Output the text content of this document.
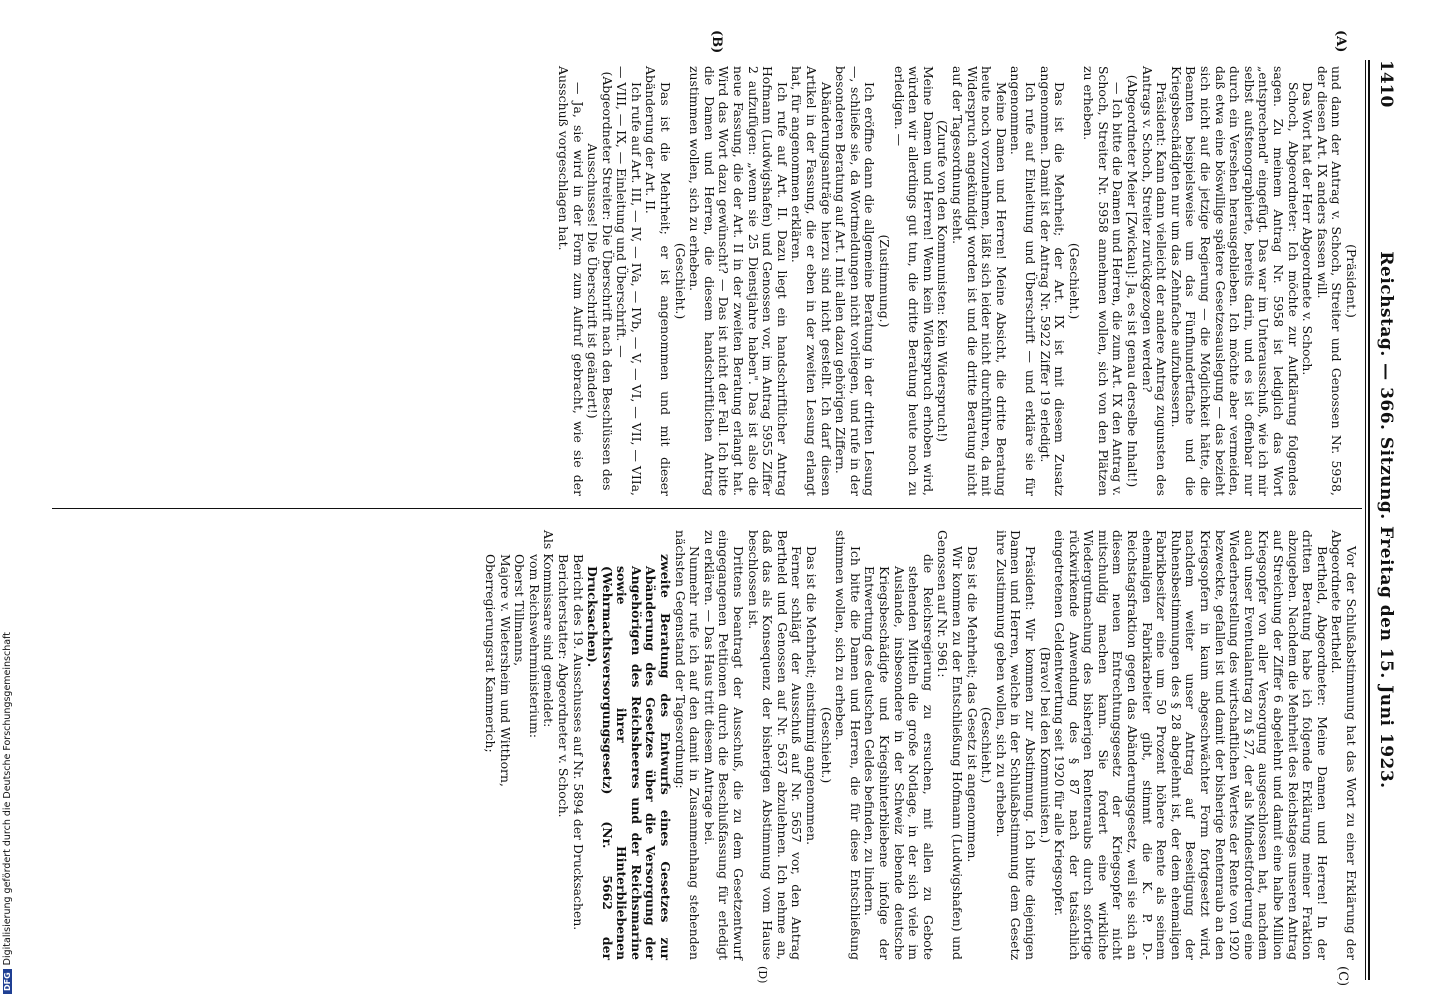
1410
Reichstag. — 366. Sitzung. Freitag den 15. Juni 1923.
(A)
(B)
(C)
(D)

(Präsident.)

und dann der Antrag v. Schoch, Streiter und Genossen Nr. 5958, der diesen Art. IX anders fassen will.

Das Wort hat der Herr Abgeordnete v. Schoch.

Schoch, Abgeordneter: Ich möchte zur Aufklärung folgendes sagen. Zu meinem Antrag Nr. 5958 ist lediglich das Wort „entsprechend" eingefügt. Das war im Unterausschuß, wie ich mir selbst aufstenographierte, bereits darin, und es ist offenbar nur durch ein Versehen herausgeblieben. Ich möchte aber vermeiden, daß etwa eine böswillige spätere Gesetzesauslegung — das bezieht sich nicht auf die jetzige Regierung — die Möglichkeit hätte, die Beamten beispielsweise um das Fünfhundertfache und die Kriegsbeschädigten nur um das Zehnfache aufzubessern.

Präsident: Kann dann vielleicht der andere Antrag zugunsten des Antrags v. Schoch, Streiter zurückgezogen werden?

(Abgeordneter Meier [Zwickau]: Ja, es ist genau derselbe Inhalt!)

— Ich bitte die Damen und Herren, die zum Art. IX den Antrag v. Schoch, Streiter Nr. 5958 annehmen wollen, sich von den Plätzen zu erheben.

(Geschieht.)

Das ist die Mehrheit; der Art. IX ist mit diesem Zusatz angenommen. Damit ist der Antrag Nr. 5922 Ziffer 19 erledigt.

Ich rufe auf Einleitung und Überschrift — und erkläre sie für angenommen.

Meine Damen und Herren! Meine Absicht, die dritte Beratung heute noch vorzunehmen, läßt sich leider nicht durchführen, da mit Widerspruch angekündigt worden ist und die dritte Beratung nicht auf der Tagesordnung steht.

(Zurufe von den Kommunisten: Kein Widerspruch!)

Meine Damen und Herren! Wenn kein Widerspruch erhoben wird, würden wir allerdings gut tun, die dritte Beratung heute noch zu erledigen. —

(Zustimmung.)

Ich eröffne dann die allgemeine Beratung in der dritten Lesung —, schließe sie, da Wortmeldungen nicht vorliegen, und rufe in der besonderen Beratung auf Art. I mit allen dazu gehörigen Ziffern.

Abänderungsanträge hierzu sind nicht gestellt. Ich darf diesen Artikel in der Fassung, die er eben in der zweiten Lesung erlangt hat, für angenommen erklären.

Ich rufe auf Art. II. Dazu liegt ein handschriftlicher Antrag Hofmann (Ludwigshafen) und Genossen vor, im Antrag 5955 Ziffer 2 aufzufügen: „wenn sie 25 Dienstjahre haben". Das ist also die neue Fassung, die der Art. II in der zweiten Beratung erlangt hat. Wird das Wort dazu gewünscht? — Das ist nicht der Fall. Ich bitte die Damen und Herren, die diesem handschriftlichen Antrag zustimmen wollen, sich zu erheben.

(Geschieht.)

Das ist die Mehrheit; er ist angenommen und mit dieser Abänderung der Art. II.

Ich rufe auf Art. III, — IV, — IVa, — IVb, — V, — VI, — VII, — VIIa, — VIII, — IX, — Einleitung und Überschrift. —

(Abgeordneter Streiter: Die Überschrift nach den Beschlüssen des Ausschusses! Die Überschrift ist geändert!)

— Ja, sie wird in der Form zum Aufruf gebracht, wie sie der Ausschuß vorgeschlagen hat.

Vor der Schlußabstimmung hat das Wort zu einer Erklärung der Abgeordnete Bertheld.

Bertheld, Abgeordneter: Meine Damen und Herren! In der dritten Beratung habe ich folgende Erklärung meiner Fraktion abzugeben. Nachdem die Mehrheit des Reichstages unseren Antrag auf Streichung der Ziffer 6 abgelehnt und damit eine halbe Million Kriegsopfer von aller Versorgung ausgeschlossen hat, nachdem auch unser Eventualantrag zu § 27, der als Mindestforderung eine Wiederherstellung des wirtschaftlichen Wertes der Rente von 1920 bezweckte, gefallen ist und damit der bisherige Rentenraub an den Kriegsopfern in kaum abgeschwächter Form fortgesetzt wird, nachdem weiter unser Antrag auf Beseitigung der Ruhensbestimmungen des § 28 abgelehnt ist, der dem ehemaligen Fabrikbesitzer eine um 50 Prozent höhere Rente als seinem ehemaligen Fabrikarbeiter gibt, stimmt die K. P. D.-Reichstagsfraktion gegen das Abänderungsgesetz, weil sie sich an diesem neuen Entrechtungsgesetz der Kriegsopfer nicht mitschuldig machen kann. Sie fordert eine wirkliche Wiedergutmachung des bisherigen Rentenraubs durch sofortige rückwirkende Anwendung des § 87 nach der tatsächlich eingetretenen Geldentwertung seit 1920 für alle Kriegsopfer.

(Bravo! bei den Kommunisten.)

Präsident: Wir kommen zur Abstimmung. Ich bitte diejenigen Damen und Herren, welche in der Schlußabstimmung dem Gesetz ihre Zustimmung geben wollen, sich zu erheben.

(Geschieht.)

Das ist die Mehrheit; das Gesetz ist angenommen.

Wir kommen zu der Entschließung Hofmann (Ludwigshafen) und Genossen auf Nr. 5961:

die Reichsregierung zu ersuchen, mit allen zu Gebote stehenden Mitteln die große Notlage, in der sich viele im Auslande, insbesondere in der Schweiz lebende deutsche Kriegsbeschädigte und Kriegshinterbliebene infolge der Entwertung des deutschen Geldes befinden, zu lindern.

Ich bitte die Damen und Herren, die für diese Entschließung stimmen wollen, sich zu erheben.

(Geschieht.)

Das ist die Mehrheit; einstimmig angenommen.

Ferner schlägt der Ausschuß auf Nr. 5657 vor, den Antrag Bertheld und Genossen auf Nr. 5637 abzulehnen. Ich nehme an, daß das als Konsequenz der bisherigen Abstimmung vom Hause beschlossen ist.

Drittens beantragt der Ausschuß, die zu dem Gesetzentwurf eingegangenen Petitionen durch die Beschlußfassung für erledigt zu erklären. — Das Haus tritt diesem Antrage bei.

Nunmehr rufe ich auf den damit in Zusammenhang stehenden nächsten Gegenstand der Tagesordnung:

zweite Beratung des Entwurfs eines Gesetzes zur Abänderung des Gesetzes über die Versorgung der Angehörigen des Reichsheeres und der Reichsmarine sowie ihrer Hinterbliebenen (Wehrmachtsversorgungsgesetz) (Nr. 5662 der Drucksachen).

Bericht des 19. Ausschusses auf Nr. 5894 der Drucksachen.

Berichterstatter: Abgeordneter v. Schoch.

Als Kommissare sind gemeldet:

vom Reichswehrministerium:

Oberst Tillmanns,

Majore v. Wietersheim und Witthorn,

Oberregierungsrat Kammerich;

DFGDigitalisierung gefördert durch die Deutsche Forschungsgemeinschaft
